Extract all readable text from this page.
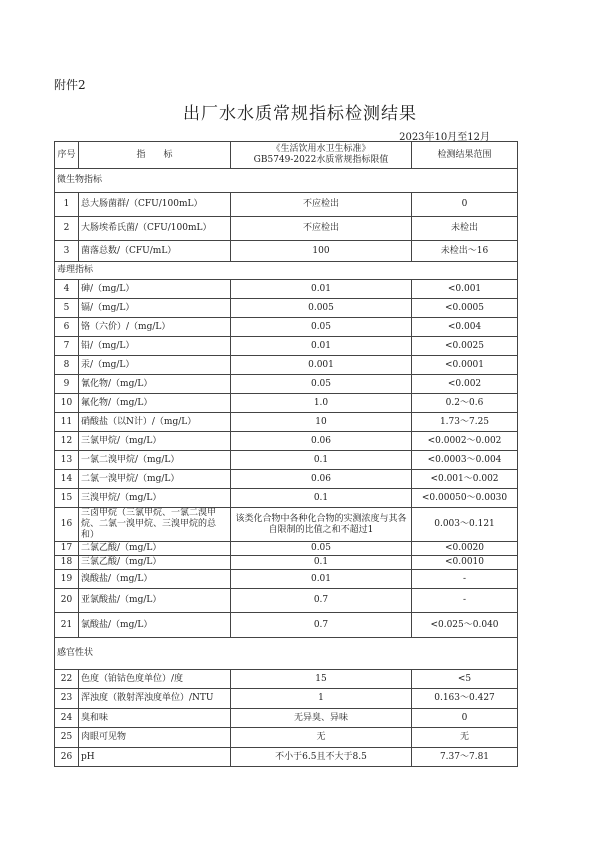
附件2
出厂水水质常规指标检测结果
2023年10月至12月
序号	指　　标	《生活饮用水卫生标准》
GB5749-2022水质常规指标限值	检测结果范围
微生物指标			
1	总大肠菌群/（CFU/100mL）	不应检出	0
2	大肠埃希氏菌/（CFU/100mL）	不应检出	未检出
3	菌落总数/（CFU/mL）	100	未检出～16
毒理指标			
4	砷/（mg/L）	0.01	<0.001
5	镉/（mg/L）	0.005	<0.0005
6	铬（六价）/（mg/L）	0.05	<0.004
7	铅/（mg/L）	0.01	<0.0025
8	汞/（mg/L）	0.001	<0.0001
9	氰化物/（mg/L）	0.05	<0.002
10	氟化物/（mg/L）	1.0	0.2～0.6
11	硝酸盐（以N计）/（mg/L）	10	1.73～7.25
12	三氯甲烷/（mg/L）	0.06	<0.0002～0.002
13	一氯二溴甲烷/（mg/L）	0.1	<0.0003～0.004
14	二氯一溴甲烷/（mg/L）	0.06	<0.001～0.002
15	三溴甲烷/（mg/L）	0.1	<0.00050～0.0030
16	三卤甲烷（三氯甲烷、一氯二溴甲烷、二氯一溴甲烷、三溴甲烷的总和）	该类化合物中各种化合物的实测浓度与其各自限制的比值之和不超过1	0.003～0.121
17	二氯乙酸/（mg/L）	0.05	<0.0020
18	三氯乙酸/（mg/L）	0.1	<0.0010
19	溴酸盐/（mg/L）	0.01	-
20	亚氯酸盐/（mg/L）	0.7	-
21	氯酸盐/（mg/L）	0.7	<0.025～0.040
感官性状			
22	色度（铂钴色度单位）/度	15	<5
23	浑浊度（散射浑浊度单位）/NTU	1	0.163～0.427
24	臭和味	无异臭、异味	0
25	肉眼可见物	无	无
26	pH	不小于6.5且不大于8.5	7.37～7.81
